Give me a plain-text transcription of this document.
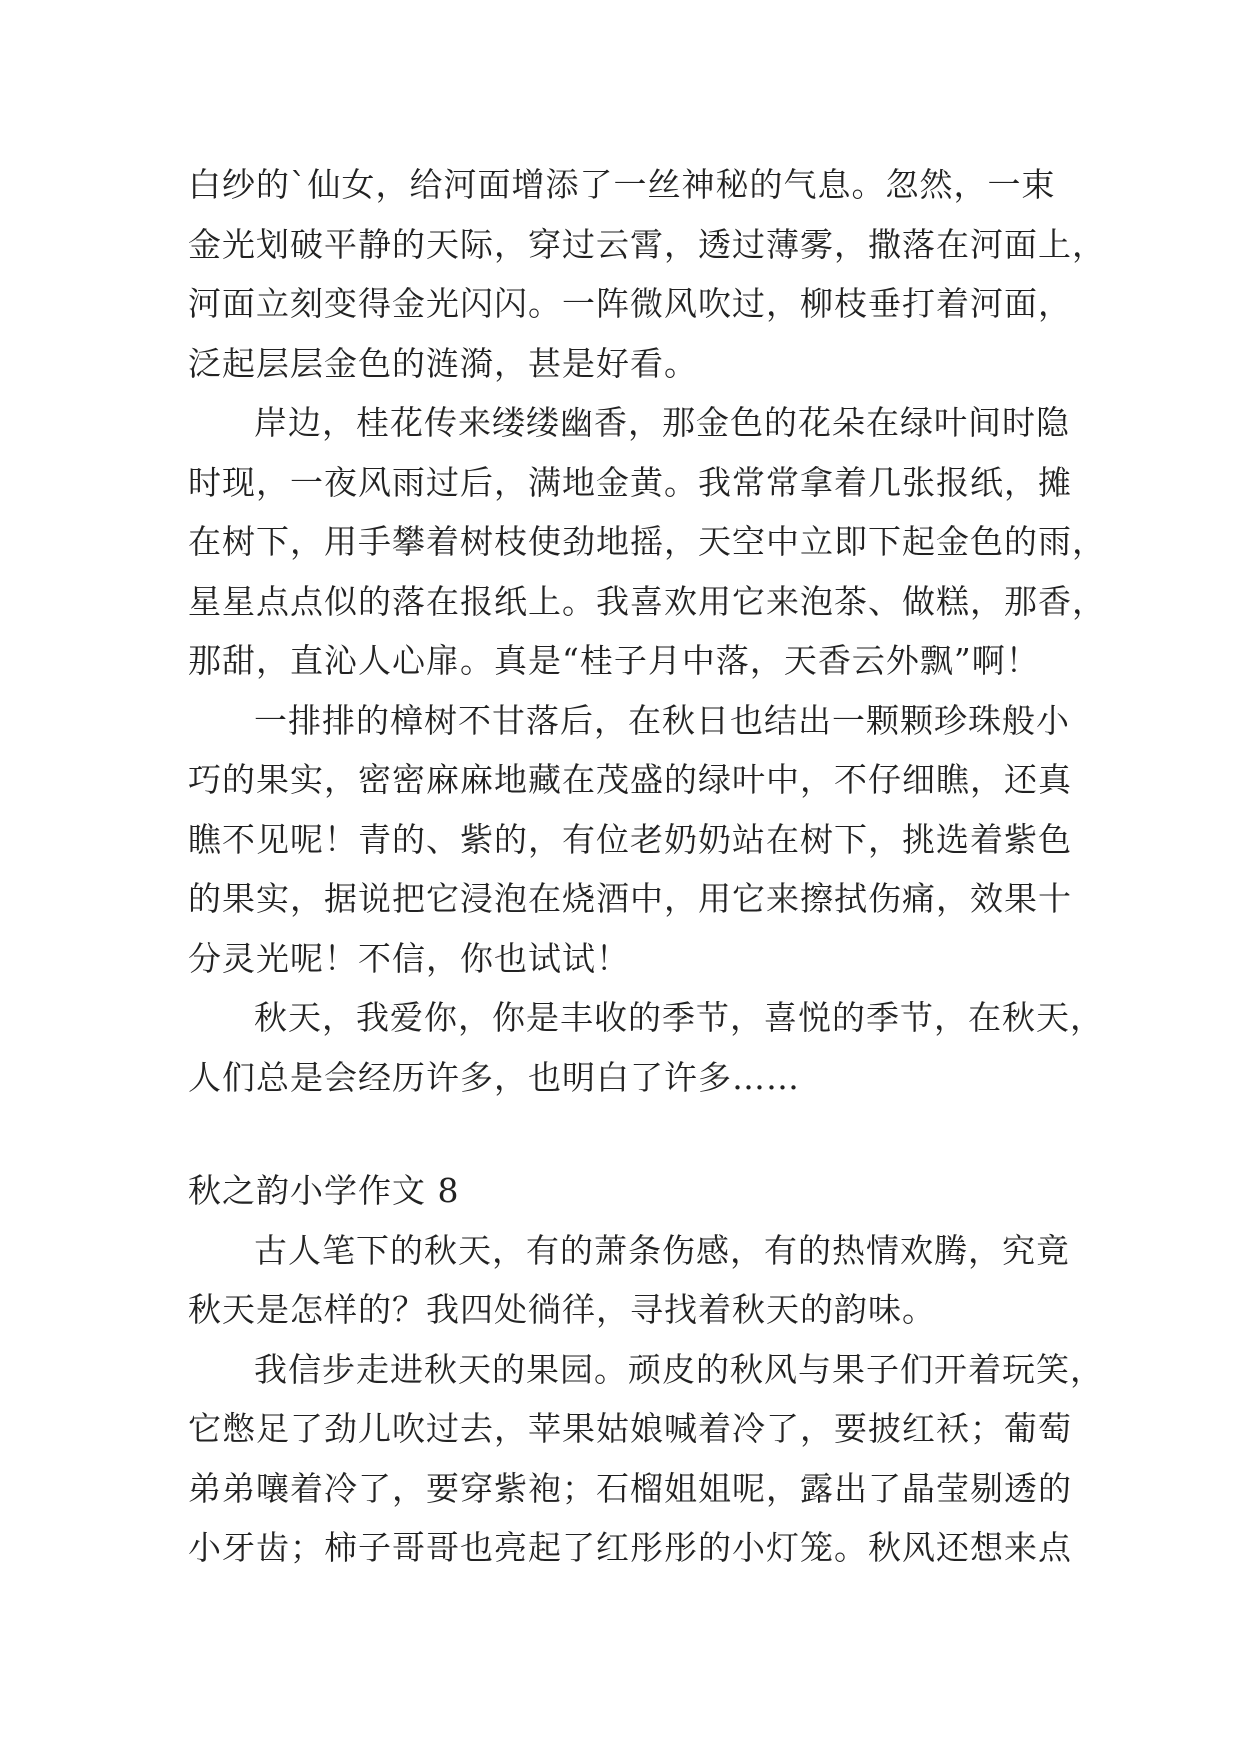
白纱的`仙女，给河面增添了一丝神秘的气息。忽然，一束
金光划破平静的天际，穿过云霄，透过薄雾，撒落在河面上，
河面立刻变得金光闪闪。一阵微风吹过，柳枝垂打着河面，
泛起层层金色的涟漪，甚是好看。
岸边，桂花传来缕缕幽香，那金色的花朵在绿叶间时隐
时现，一夜风雨过后，满地金黄。我常常拿着几张报纸，摊
在树下，用手攀着树枝使劲地摇，天空中立即下起金色的雨，
星星点点似的落在报纸上。我喜欢用它来泡茶、做糕，那香，
那甜，直沁人心扉。真是“桂子月中落，天香云外飘”啊！
一排排的樟树不甘落后，在秋日也结出一颗颗珍珠般小
巧的果实，密密麻麻地藏在茂盛的绿叶中，不仔细瞧，还真
瞧不见呢！青的、紫的，有位老奶奶站在树下，挑选着紫色
的果实，据说把它浸泡在烧酒中，用它来擦拭伤痛，效果十
分灵光呢！不信，你也试试！
秋天，我爱你，你是丰收的季节，喜悦的季节，在秋天，
人们总是会经历许多，也明白了许多……
秋之韵小学作文 8
古人笔下的秋天，有的萧条伤感，有的热情欢腾，究竟
秋天是怎样的？我四处徜徉，寻找着秋天的韵味。
我信步走进秋天的果园。顽皮的秋风与果子们开着玩笑，
它憋足了劲儿吹过去，苹果姑娘喊着冷了，要披红袄；葡萄
弟弟嚷着冷了，要穿紫袍；石榴姐姐呢，露出了晶莹剔透的
小牙齿；柿子哥哥也亮起了红彤彤的小灯笼。秋风还想来点
